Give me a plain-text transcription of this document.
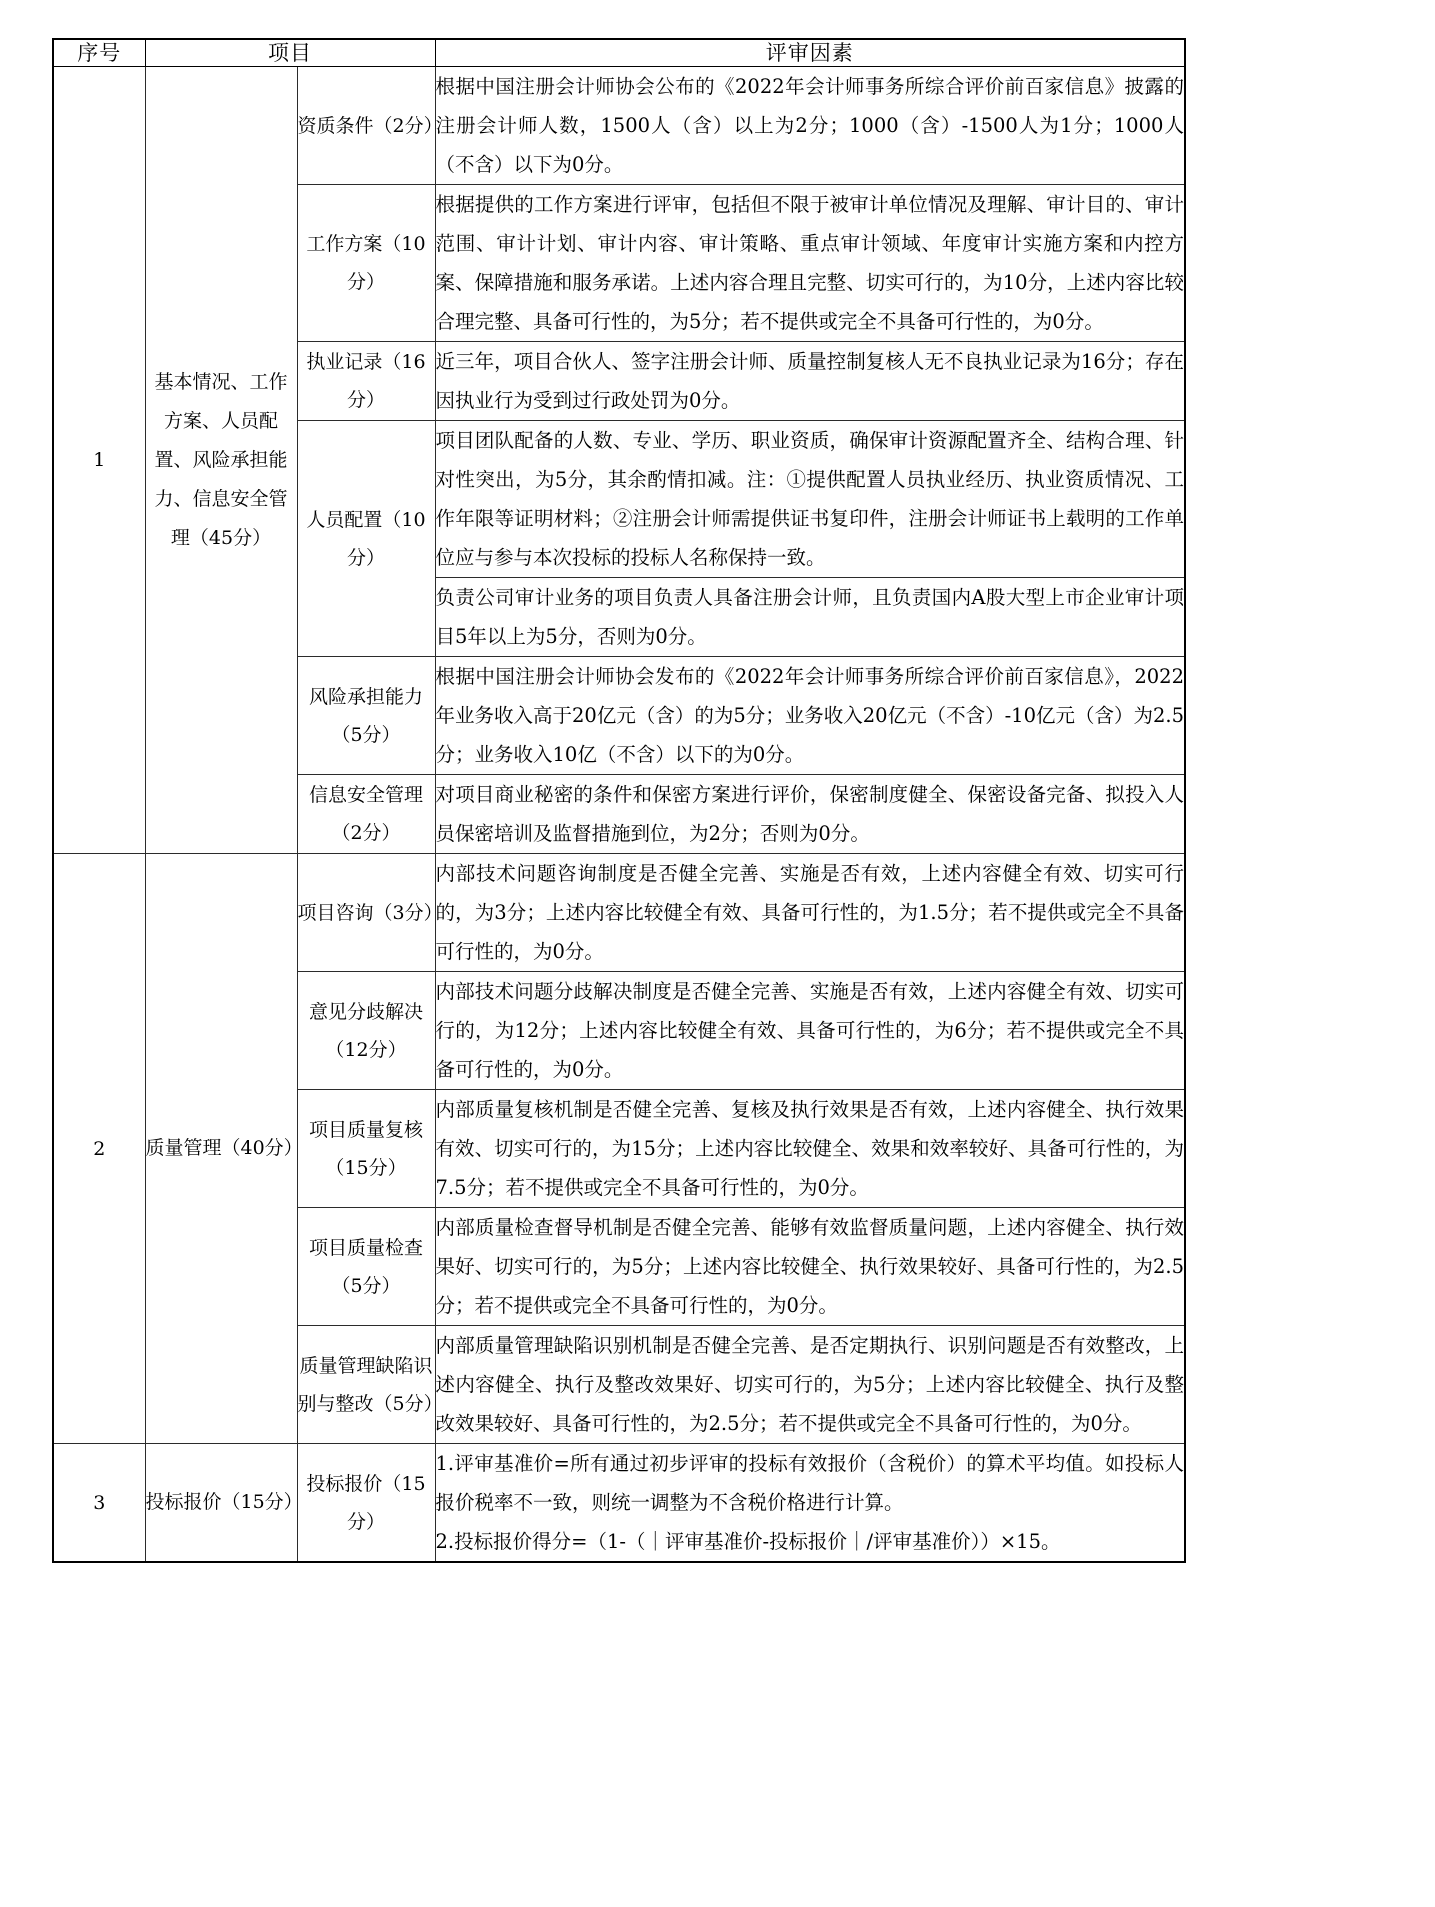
序号	项目		评审因素
1	基本情况、工作方案、人员配置、风险承担能力、信息安全管理（45分）	资质条件（2分）	根据中国注册会计师协会公布的《2022年会计师事务所综合评价前百家信息》披露的注册会计师人数，1500人（含）以上为2分；1000（含）-1500人为1分；1000人（不含）以下为0分。
		工作方案（10分）	根据提供的工作方案进行评审，包括但不限于被审计单位情况及理解、审计目的、审计范围、审计计划、审计内容、审计策略、重点审计领域、年度审计实施方案和内控方案、保障措施和服务承诺。上述内容合理且完整、切实可行的，为10分，上述内容比较合理完整、具备可行性的，为5分；若不提供或完全不具备可行性的，为0分。
		执业记录（16分）	近三年，项目合伙人、签字注册会计师、质量控制复核人无不良执业记录为16分；存在因执业行为受到过行政处罚为0分。
		人员配置（10分）	项目团队配备的人数、专业、学历、职业资质，确保审计资源配置齐全、结构合理、针对性突出，为5分，其余酌情扣减。注：①提供配置人员执业经历、执业资质情况、工作年限等证明材料；②注册会计师需提供证书复印件，注册会计师证书上载明的工作单位应与参与本次投标的投标人名称保持一致。
			负责公司审计业务的项目负责人具备注册会计师，且负责国内A股大型上市企业审计项目5年以上为5分，否则为0分。
		风险承担能力（5分）	根据中国注册会计师协会发布的《2022年会计师事务所综合评价前百家信息》，2022年业务收入高于20亿元（含）的为5分；业务收入20亿元（不含）-10亿元（含）为2.5分；业务收入10亿（不含）以下的为0分。
		信息安全管理（2分）	对项目商业秘密的条件和保密方案进行评价，保密制度健全、保密设备完备、拟投入人员保密培训及监督措施到位，为2分；否则为0分。
2	质量管理（40分）	项目咨询（3分）	内部技术问题咨询制度是否健全完善、实施是否有效，上述内容健全有效、切实可行的，为3分；上述内容比较健全有效、具备可行性的，为1.5分；若不提供或完全不具备可行性的，为0分。
		意见分歧解决（12分）	内部技术问题分歧解决制度是否健全完善、实施是否有效，上述内容健全有效、切实可行的，为12分；上述内容比较健全有效、具备可行性的，为6分；若不提供或完全不具备可行性的，为0分。
		项目质量复核（15分）	内部质量复核机制是否健全完善、复核及执行效果是否有效，上述内容健全、执行效果有效、切实可行的，为15分；上述内容比较健全、效果和效率较好、具备可行性的，为7.5分；若不提供或完全不具备可行性的，为0分。
		项目质量检查（5分）	内部质量检查督导机制是否健全完善、能够有效监督质量问题，上述内容健全、执行效果好、切实可行的，为5分；上述内容比较健全、执行效果较好、具备可行性的，为2.5分；若不提供或完全不具备可行性的，为0分。
		质量管理缺陷识别与整改（5分）	内部质量管理缺陷识别机制是否健全完善、是否定期执行、识别问题是否有效整改，上述内容健全、执行及整改效果好、切实可行的，为5分；上述内容比较健全、执行及整改效果较好、具备可行性的，为2.5分；若不提供或完全不具备可行性的，为0分。
3	投标报价（15分）	投标报价（15分）	1.评审基准价=所有通过初步评审的投标有效报价（含税价）的算术平均值。如投标人报价税率不一致，则统一调整为不含税价格进行计算。

2.投标报价得分=（1-（｜评审基准价-投标报价｜/评审基准价））×15。
